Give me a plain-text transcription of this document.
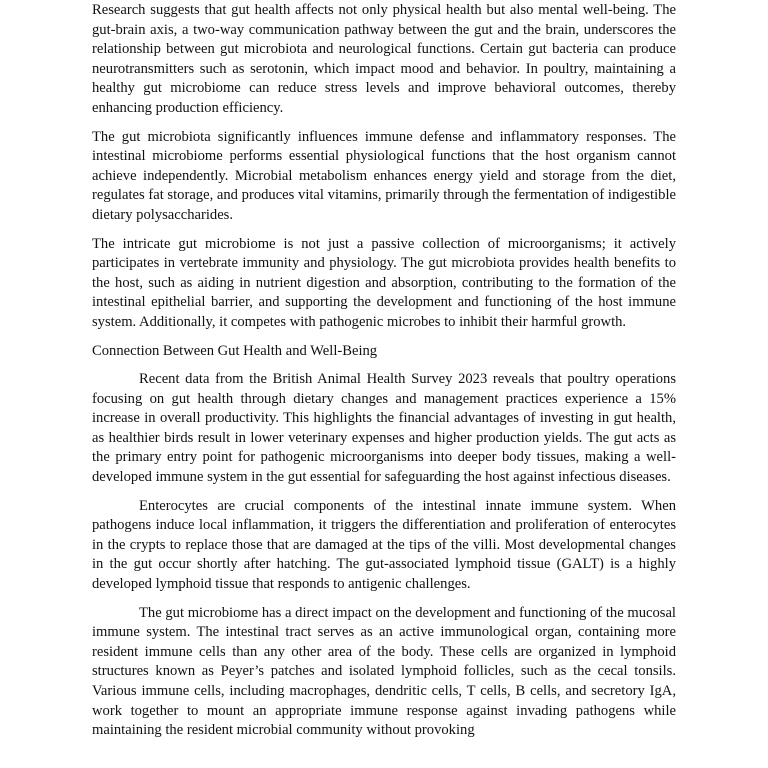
Research suggests that gut health affects not only physical health but also mental well-being. The gut-brain axis, a two-way communication pathway between the gut and the brain, underscores the relationship between gut microbiota and neurological functions. Certain gut bacteria can produce neurotransmitters such as serotonin, which impact mood and behavior. In poultry, maintaining a healthy gut microbiome can reduce stress levels and improve behavioral outcomes, thereby enhancing production efficiency.

The gut microbiota significantly influences immune defense and inflammatory responses. The intestinal microbiome performs essential physiological functions that the host organism cannot achieve independently. Microbial metabolism enhances energy yield and storage from the diet, regulates fat storage, and produces vital vitamins, primarily through the fermentation of indigestible dietary polysaccharides.

The intricate gut microbiome is not just a passive collection of microorganisms; it actively participates in vertebrate immunity and physiology. The gut microbiota provides health benefits to the host, such as aiding in nutrient digestion and absorption, contributing to the formation of the intestinal epithelial barrier, and supporting the development and functioning of the host immune system. Additionally, it competes with pathogenic microbes to inhibit their harmful growth.

Connection Between Gut Health and Well-Being

Recent data from the British Animal Health Survey 2023 reveals that poultry operations focusing on gut health through dietary changes and management practices experience a 15% increase in overall productivity. This highlights the financial advantages of investing in gut health, as healthier birds result in lower veterinary expenses and higher production yields. The gut acts as the primary entry point for pathogenic microorganisms into deeper body tissues, making a well-developed immune system in the gut essential for safeguarding the host against infectious diseases.

Enterocytes are crucial components of the intestinal innate immune system. When pathogens induce local inflammation, it triggers the differentiation and proliferation of enterocytes in the crypts to replace those that are damaged at the tips of the villi. Most developmental changes in the gut occur shortly after hatching. The gut-associated lymphoid tissue (GALT) is a highly developed lymphoid tissue that responds to antigenic challenges.

The gut microbiome has a direct impact on the development and functioning of the mucosal immune system. The intestinal tract serves as an active immunological organ, containing more resident immune cells than any other area of the body. These cells are organized in lymphoid structures known as Peyer’s patches and isolated lymphoid follicles, such as the cecal tonsils. Various immune cells, including macrophages, dendritic cells, T cells, B cells, and secretory IgA, work together to mount an appropriate immune response against invading pathogens while maintaining the resident microbial community without provoking
